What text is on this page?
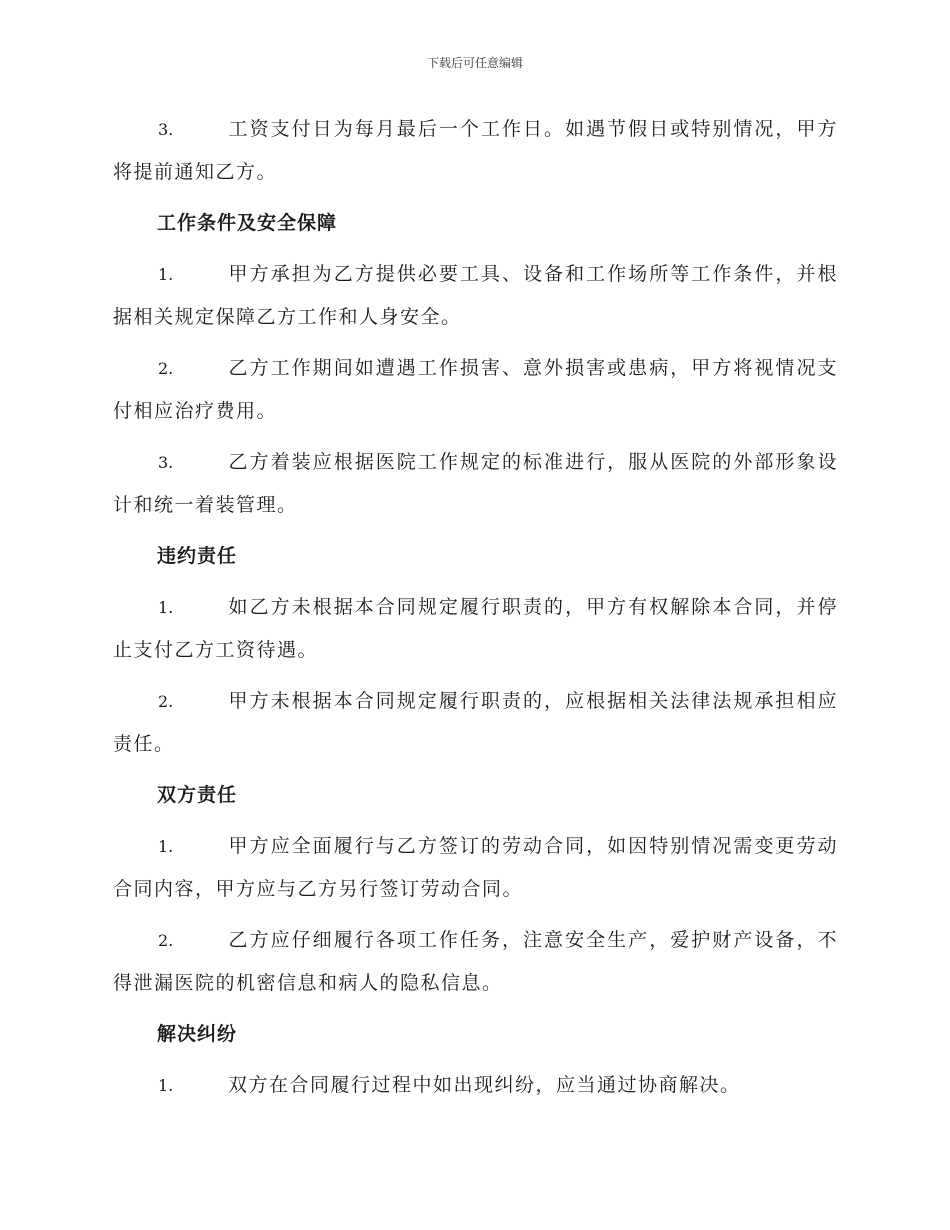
下载后可任意编辑

3.	工资支付日为每月最后一个工作日。如遇节假日或特别情况，甲方将提前通知乙方。

工作条件及安全保障

1.	甲方承担为乙方提供必要工具、设备和工作场所等工作条件，并根据相关规定保障乙方工作和人身安全。

2.	乙方工作期间如遭遇工作损害、意外损害或患病，甲方将视情况支付相应治疗费用。

3.	乙方着装应根据医院工作规定的标准进行，服从医院的外部形象设计和统一着装管理。

违约责任

1.	如乙方未根据本合同规定履行职责的，甲方有权解除本合同，并停止支付乙方工资待遇。

2.	甲方未根据本合同规定履行职责的，应根据相关法律法规承担相应责任。

双方责任

1.	甲方应全面履行与乙方签订的劳动合同，如因特别情况需变更劳动合同内容，甲方应与乙方另行签订劳动合同。

2.	乙方应仔细履行各项工作任务，注意安全生产，爱护财产设备，不得泄漏医院的机密信息和病人的隐私信息。

解决纠纷

1.	双方在合同履行过程中如出现纠纷，应当通过协商解决。
